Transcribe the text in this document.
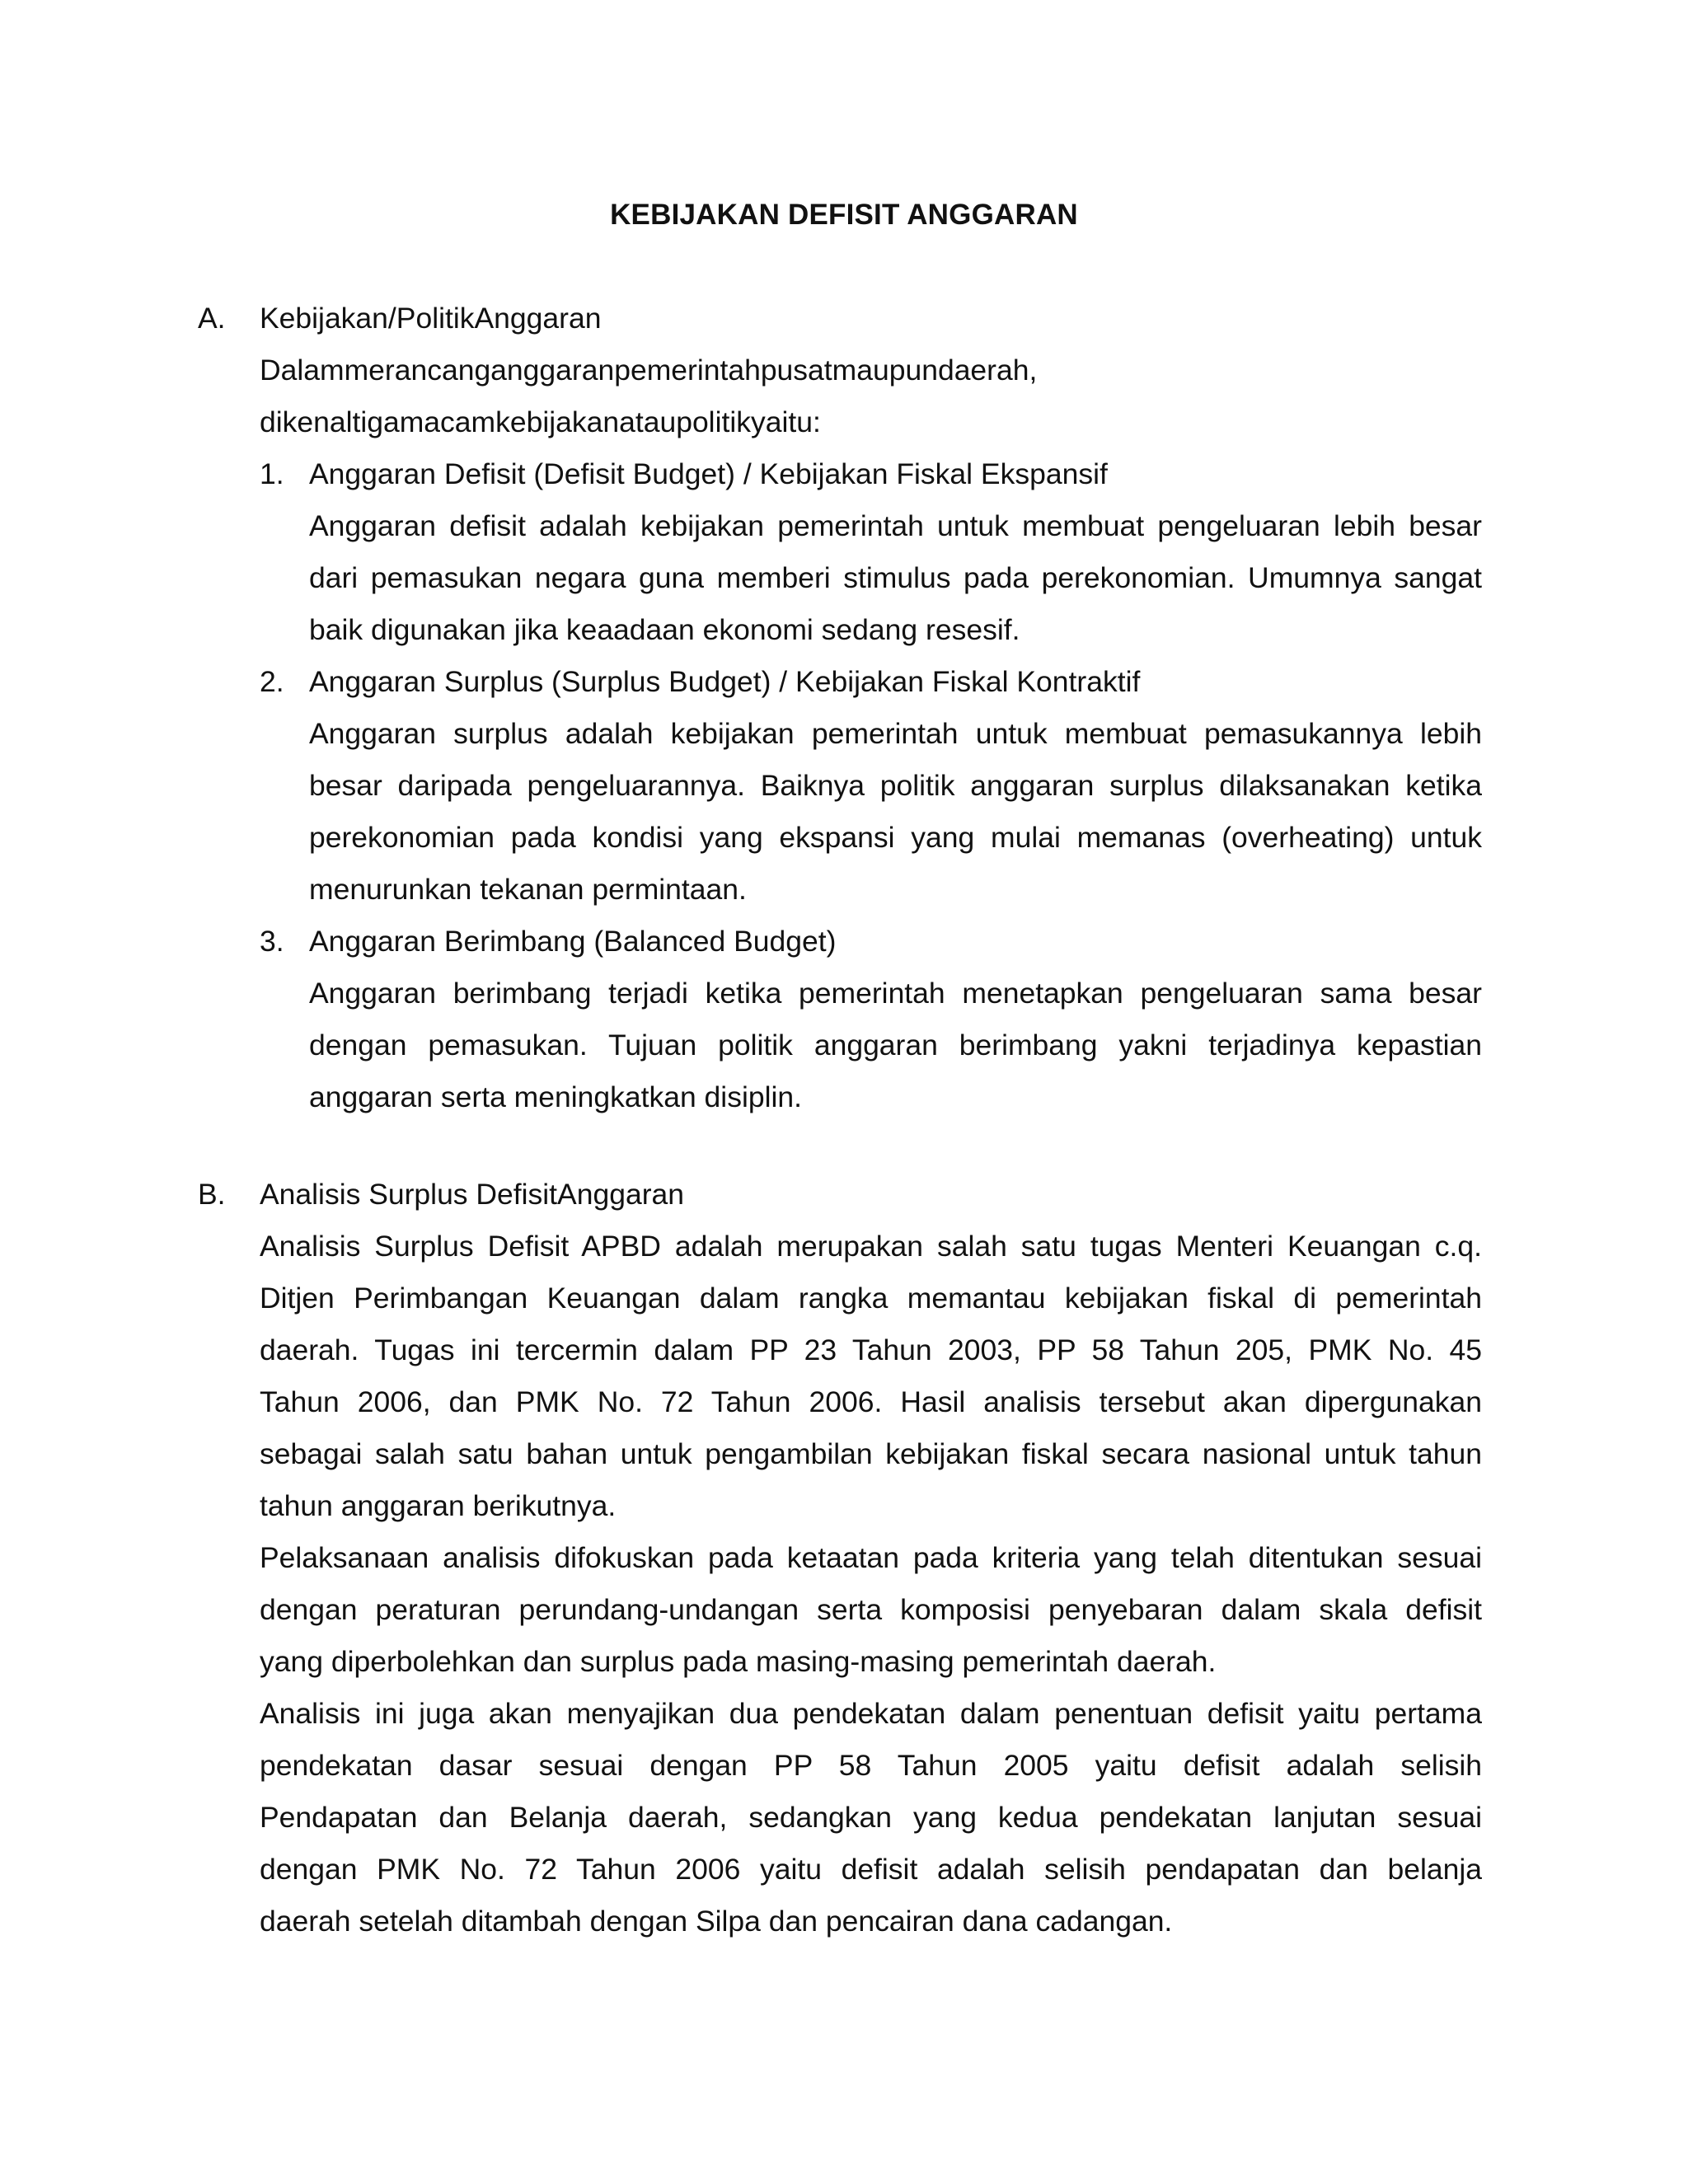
KEBIJAKAN DEFISIT ANGGARAN
A. Kebijakan/PolitikAnggaran
Dalammerancanganggaranpemerintahpusatmaupundaerah,
dikenaltigamacamkebijakanataupolitikyaitu:
1. Anggaran Defisit (Defisit Budget) / Kebijakan Fiskal Ekspansif
Anggaran defisit adalah kebijakan pemerintah untuk membuat pengeluaran lebih besar
dari pemasukan negara guna memberi stimulus pada perekonomian. Umumnya sangat
baik digunakan jika keaadaan ekonomi sedang resesif.
2. Anggaran Surplus (Surplus Budget) / Kebijakan Fiskal Kontraktif
Anggaran surplus adalah kebijakan pemerintah untuk membuat pemasukannya lebih
besar daripada pengeluarannya. Baiknya politik anggaran surplus dilaksanakan ketika
perekonomian pada kondisi yang ekspansi yang mulai memanas (overheating) untuk
menurunkan tekanan permintaan.
3. Anggaran Berimbang (Balanced Budget)
Anggaran berimbang terjadi ketika pemerintah menetapkan pengeluaran sama besar
dengan pemasukan. Tujuan politik anggaran berimbang yakni terjadinya kepastian
anggaran serta meningkatkan disiplin.
B. Analisis Surplus DefisitAnggaran
Analisis Surplus Defisit APBD adalah merupakan salah satu tugas Menteri Keuangan c.q.
Ditjen Perimbangan Keuangan dalam rangka memantau kebijakan fiskal di pemerintah
daerah. Tugas ini tercermin dalam PP 23 Tahun 2003, PP 58 Tahun 205, PMK No. 45
Tahun 2006, dan PMK No. 72 Tahun 2006. Hasil analisis tersebut akan dipergunakan
sebagai salah satu bahan untuk pengambilan kebijakan fiskal secara nasional untuk tahun
tahun anggaran berikutnya.
Pelaksanaan analisis difokuskan pada ketaatan pada kriteria yang telah ditentukan sesuai
dengan peraturan perundang-undangan serta komposisi penyebaran dalam skala defisit
yang diperbolehkan dan surplus pada masing-masing pemerintah daerah.
Analisis ini juga akan menyajikan dua pendekatan dalam penentuan defisit yaitu pertama
pendekatan dasar sesuai dengan PP 58 Tahun 2005 yaitu defisit adalah selisih
Pendapatan dan Belanja daerah, sedangkan yang kedua pendekatan lanjutan sesuai
dengan PMK No. 72 Tahun 2006 yaitu defisit adalah selisih pendapatan dan belanja
daerah setelah ditambah dengan Silpa dan pencairan dana cadangan.
